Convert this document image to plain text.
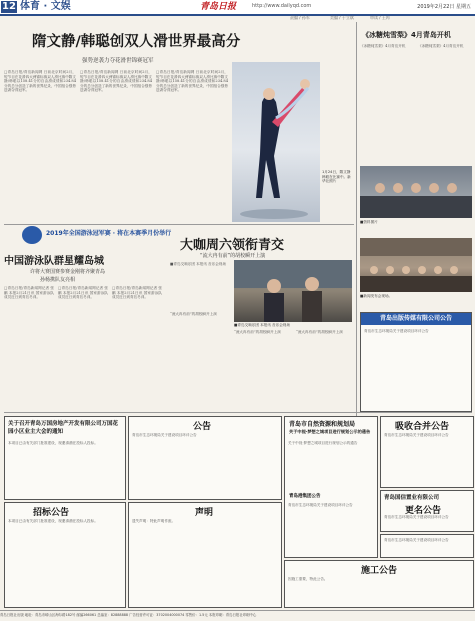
12 体育 · 文娱	青岛日报	http://www.dailyqd.com	2019年2月22日 星期五
责编 / 孙军	美编 / 于立斌	审读 / 王冉
隋文静/韩聪创双人滑世界最高分
强势逆袭力夺花滑世锦赛冠军
□青岛日报/青岛新闻网 日前北京时间2月，短节目在花滑四大洲锦标赛双人滑比赛中隋文静/韩聪以158.41分的自由滑成绩和234.84分的总分创造了新的世界纪录，中国组合强势逆袭夺得冠军。
□青岛日报/青岛新闻网 日前北京时间2月，短节目在花滑四大洲锦标赛双人滑比赛中隋文静/韩聪以158.41分的自由滑成绩和234.84分的总分创造了新的世界纪录，中国组合强势逆袭夺得冠军。
□青岛日报/青岛新闻网 日前北京时间2月，短节目在花滑四大洲锦标赛双人滑比赛中隋文静/韩聪以158.41分的自由滑成绩和234.84分的总分创造了新的世界纪录，中国组合强势逆袭夺得冠军。
1月24日，隋文静韩聪在比赛中。新华社照片
2019年全国游泳冠军赛 · 将在本赛季月份举行
中国游泳队群星耀岛城
许将大赛国赛参赛金刚将齐聚青岛
孙杨携队友亮相
□青岛日报/青岛新闻网记者 张鹏 本报2月21日讯 国家游泳队成员近日到青岛冬训。
□青岛日报/青岛新闻网记者 张鹏 本报2月21日讯 国家游泳队成员近日到青岛冬训。
□青岛日报/青岛新闻网记者 张鹏 本报2月21日讯 国家游泳队成员近日到青岛冬训。
大咖周六领衔青交
“流大冉有前”的胡校瞬开上演
■青岛交响乐团 本报讯 音乐会现场
■青岛交响乐团 本报讯 音乐会现场
“流大冉有前”的胡校瞬开上演
“流大冉有前”的胡校瞬开上演	“流大冉有前”的胡校瞬开上演
《冰糖炖雪梨》4月青岛开机
《冰糖炖雪梨》4月青岛开机	《冰糖炖雪梨》4月青岛开机
■资料图片
■新闻发布会现场。
青岛出版传媒有限公司公告
青岛市生态环境局关于建设项目环评公告
关于召开青岛万国房地产开发有限公司万国花园小区业主大会的通知
本项目已由有关部门批准建设，现邀请潜在投标人投标。
公告
青岛市生态环境局关于建设项目环评公告
青岛市自然资源和规划局
关于中视·梦想之城项目进行规划公示的通告
关于中视·梦想之城项目进行规划公示的通告
青岛港集团公告
青岛市生态环境局关于建设项目环评公告
吸收合并公告
青岛市生态环境局关于建设项目环评公告
招标公告
本项目已由有关部门批准建设，现邀请潜在投标人投标。
声明
遗失声明：特此声明作废。
青岛国信置业有限公司
更名公告
青岛市生态环境局关于建设项目环评公告
施工公告
因施工需要，特此公告。
青岛市生态环境局关于建设项目环评公告
青岛日报社出版 地址：青岛市崂山区海尔路182号 邮编266061 总编室：82888888 广告经营许可证：3702004000074 零售价：1.5元 本报印刷：青岛日报社印刷中心
